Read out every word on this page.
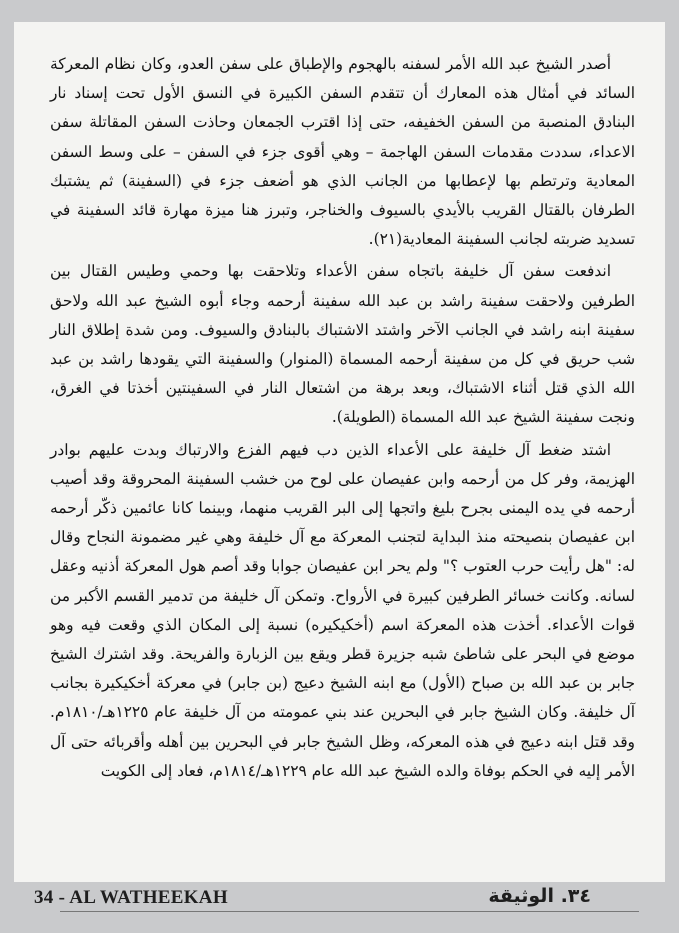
أصدر الشيخ عبد الله الأمر لسفنه بالهجوم والإطباق على سفن العدو، وكان نظام المعركة السائد في أمثال هذه المعارك أن تتقدم السفن الكبيرة في النسق الأول تحت إسناد نار البنادق المنصبة من السفن الخفيفه، حتى إذا اقترب الجمعان وحاذت السفن المقاتلة سفن الاعداء، سددت مقدمات السفن الهاجمة – وهي أقوى جزء في السفن – على وسط السفن المعادية وترتطم بها لإعطابها من الجانب الذي هو أضعف جزء في (السفينة) ثم يشتبك الطرفان بالقتال القريب بالأيدي بالسيوف والخناجر، وتبرز هنا ميزة مهارة قائد السفينة في تسديد ضربته لجانب السفينة المعادية(٢١).

اندفعت سفن آل خليفة باتجاه سفن الأعداء وتلاحقت بها وحمي وطيس القتال بين الطرفين ولاحقت سفينة راشد بن عبد الله سفينة أرحمه وجاء أبوه الشيخ عبد الله ولاحق سفينة ابنه راشد في الجانب الآخر واشتد الاشتباك بالبنادق والسيوف. ومن شدة إطلاق النار شب حريق في كل من سفينة أرحمه المسماة (المنوار) والسفينة التي يقودها راشد بن عبد الله الذي قتل أثناء الاشتباك، وبعد برهة من اشتعال النار في السفينتين أخذتا في الغرق، ونجت سفينة الشيخ عبد الله المسماة (الطويلة).

اشتد ضغط آل خليفة على الأعداء الذين دب فيهم الفزع والارتباك وبدت عليهم بوادر الهزيمة، وفر كل من أرحمه وابن عفيصان على لوح من خشب السفينة المحروقة وقد أصيب أرحمه في يده اليمنى بجرح بليغ واتجها إلى البر القريب منهما، وبينما كانا عائمين ذكّر أرحمه ابن عفيصان بنصيحته منذ البداية لتجنب المعركة مع آل خليفة وهي غير مضمونة النجاح وقال له: "هل رأيت حرب العتوب ؟" ولم يحر ابن عفيصان جوابا وقد أصم هول المعركة أذنيه وعقل لسانه. وكانت خسائر الطرفين كبيرة في الأرواح. وتمكن آل خليفة من تدمير القسم الأكبر من قوات الأعداء. أخذت هذه المعركة اسم (أخكيكيره) نسبة إلى المكان الذي وقعت فيه وهو موضع في البحر على شاطئ شبه جزيرة قطر ويقع بين الزبارة والفريحة. وقد اشترك الشيخ جابر بن عبد الله بن صباح (الأول) مع ابنه الشيخ دعيج (بن جابر) في معركة أخكيكيرة بجانب آل خليفة. وكان الشيخ جابر في البحرين عند بني عمومته من آل خليفة عام ١٢٢٥هـ/١٨١٠م. وقد قتل ابنه دعيج في هذه المعركه، وظل الشيخ جابر في البحرين بين أهله وأقربائه حتى آل الأمر إليه في الحكم بوفاة والده الشيخ عبد الله عام ١٢٢٩هـ/١٨١٤م، فعاد إلى الكويت

34 - AL WATHEEKAH	٣٤. الوثيقة
